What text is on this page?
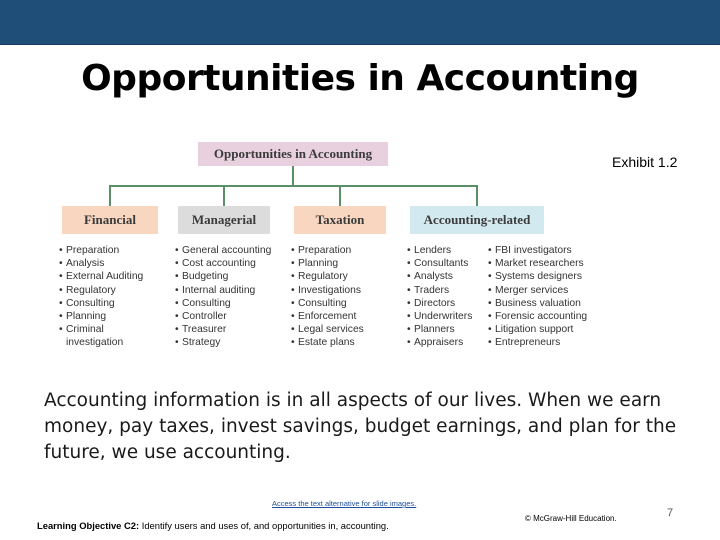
Opportunities in Accounting
Exhibit 1.2
Opportunities in Accounting
Financial	Managerial	Taxation	Accounting-related
• Preparation
• Analysis
• External Auditing
• Regulatory
• Consulting
• Planning
• Criminal
investigation
• General accounting
• Cost accounting
• Budgeting
• Internal auditing
• Consulting
• Controller
• Treasurer
• Strategy
• Preparation
• Planning
• Regulatory
• Investigations
• Consulting
• Enforcement
• Legal services
• Estate plans
• Lenders
• Consultants
• Analysts
• Traders
• Directors
• Underwriters
• Planners
• Appraisers
• FBI investigators
• Market researchers
• Systems designers
• Merger services
• Business valuation
• Forensic accounting
• Litigation support
• Entrepreneurs
Accounting information is in all aspects of our lives. When we earn money, pay taxes, invest savings, budget earnings, and plan for the future, we use accounting.
Access the text alternative for slide images.
Learning Objective C2: Identify users and uses of, and opportunities in, accounting.
© McGraw-Hill Education.	7
